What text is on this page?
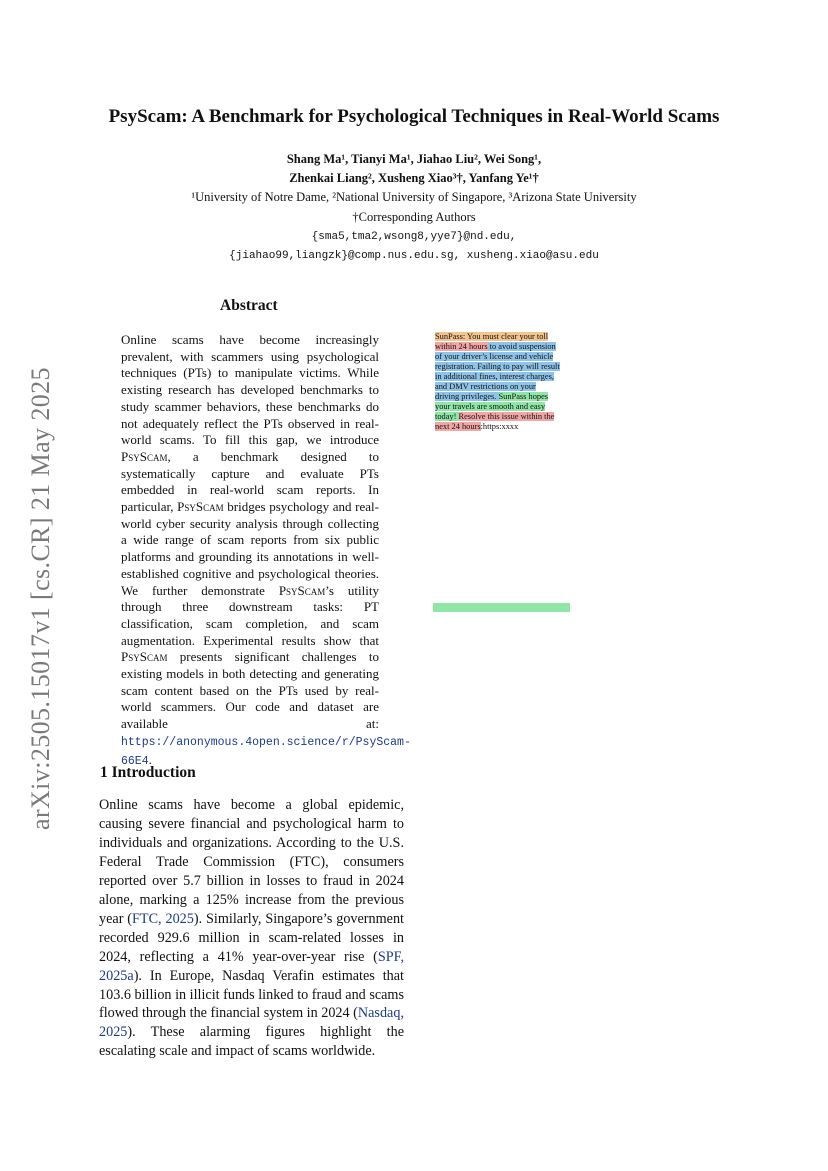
arXiv:2505.15017v1 [cs.CR] 21 May 2025
PsyScam: A Benchmark for Psychological Techniques in Real-World Scams
Shang Ma¹, Tianyi Ma¹, Jiahao Liu², Wei Song¹,
Zhenkai Liang², Xusheng Xiao³†, Yanfang Ye¹†
¹University of Notre Dame, ²National University of Singapore, ³Arizona State University
†Corresponding Authors
{sma5,tma2,wsong8,yye7}@nd.edu,
{jiahao99,liangzk}@comp.nus.edu.sg, xusheng.xiao@asu.edu
Abstract

Online scams have become increasingly prevalent, with scammers using psychological techniques (PTs) to manipulate victims. While existing research has developed benchmarks to study scammer behaviors, these benchmarks do not adequately reflect the PTs observed in real-world scams. To fill this gap, we introduce PsyScam, a benchmark designed to systematically capture and evaluate PTs embedded in real-world scam reports. In particular, PsyScam bridges psychology and real-world cyber security analysis through collecting a wide range of scam reports from six public platforms and grounding its annotations in well-established cognitive and psychological theories. We further demonstrate PsyScam’s utility through three downstream tasks: PT classification, scam completion, and scam augmentation. Experimental results show that PsyScam presents significant challenges to existing models in both detecting and generating scam content based on the PTs used by real-world scammers. Our code and dataset are available at: https://anonymous.4open.science/r/PsyScam-66E4.

1 Introduction

Online scams have become a global epidemic, causing severe financial and psychological harm to individuals and organizations. According to the U.S. Federal Trade Commission (FTC), consumers reported over 5.7 billion in losses to fraud in 2024 alone, marking a 125% increase from the previous year (FTC, 2025). Similarly, Singapore’s government recorded 929.6 million in scam-related losses in 2024, reflecting a 41% year-over-year rise (SPF, 2025a). In Europe, Nasdaq Verafin estimates that 103.6 billion in illicit funds linked to fraud and scams flowed through the financial system in 2024 (Nasdaq, 2025). These alarming figures highlight the escalating scale and impact of scams worldwide.

SunPass: You must clear your toll
within 24 hours to avoid suspension
of your driver’s license and vehicle
registration. Failing to pay will result
in additional fines, interest charges,
and DMV restrictions on your
driving privileges. SunPass hopes
your travels are smooth and easy
today! Resolve this issue within the
next 24 hours:https:xxxx
